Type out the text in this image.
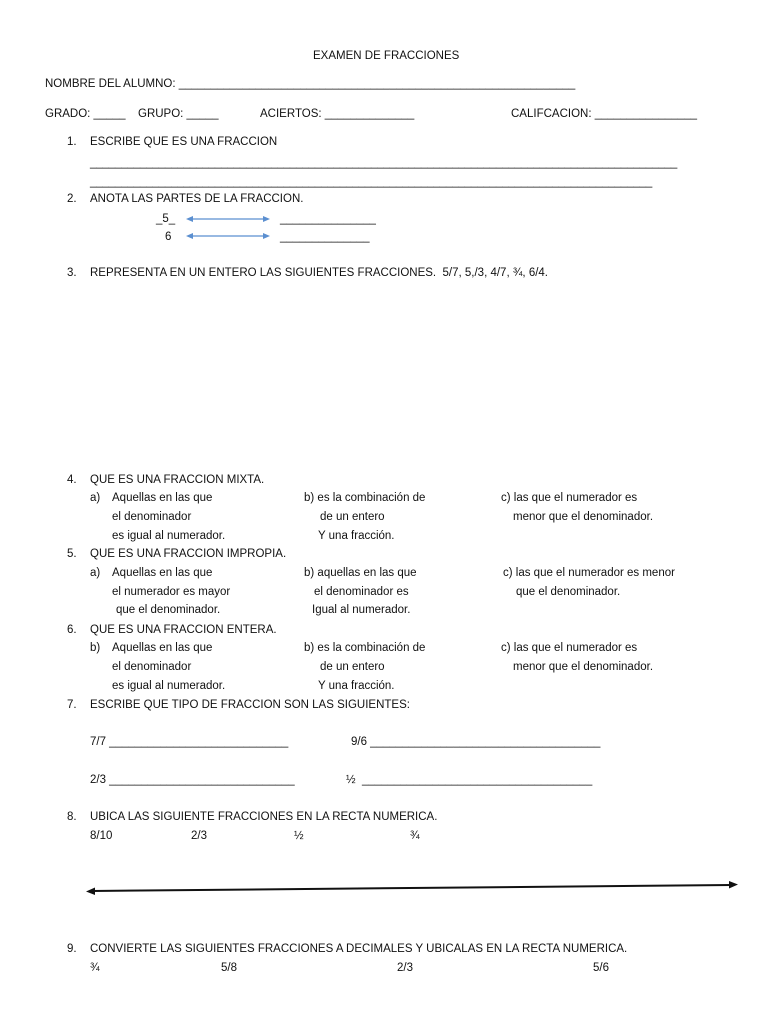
EXAMEN DE FRACCIONES
NOMBRE DEL ALUMNO: ______________________________________________________________
GRADO: _____ GRUPO: _____	ACIERTOS: ______________	CALIFCACION: ________________
1. ESCRIBE QUE ES UNA FRACCION
______________________________________________________________________________________________
__________________________________________________________________________________________
2. ANOTA LAS PARTES DE LA FRACCION.
_5_
6
_______________
______________
3. REPRESENTA EN UN ENTERO LAS SIGUIENTES FRACCIONES.  5/7, 5,/3, 4/7, ¾, 6/4.
4. QUE ES UNA FRACCION MIXTA.
a) Aquellas en las que
el denominador
es igual al numerador.
b) es la combinación de
de un entero
Y una fracción.
c) las que el numerador es
menor que el denominador.
5. QUE ES UNA FRACCION IMPROPIA.
a) Aquellas en las que
el numerador es mayor
que el denominador.
b) aquellas en las que
el denominador es
Igual al numerador.
c) las que el numerador es menor
que el denominador.
6. QUE ES UNA FRACCION ENTERA.
b) Aquellas en las que
el denominador
es igual al numerador.
b) es la combinación de
de un entero
Y una fracción.
c) las que el numerador es
menor que el denominador.
7. ESCRIBE QUE TIPO DE FRACCION SON LAS SIGUIENTES:
7/7 ____________________________	9/6 ____________________________________
2/3 _____________________________	½  ____________________________________
8. UBICA LAS SIGUIENTE FRACCIONES EN LA RECTA NUMERICA.
8/10	2/3	½	¾
9. CONVIERTE LAS SIGUIENTES FRACCIONES A DECIMALES Y UBICALAS EN LA RECTA NUMERICA.
¾	5/8	2/3	5/6
